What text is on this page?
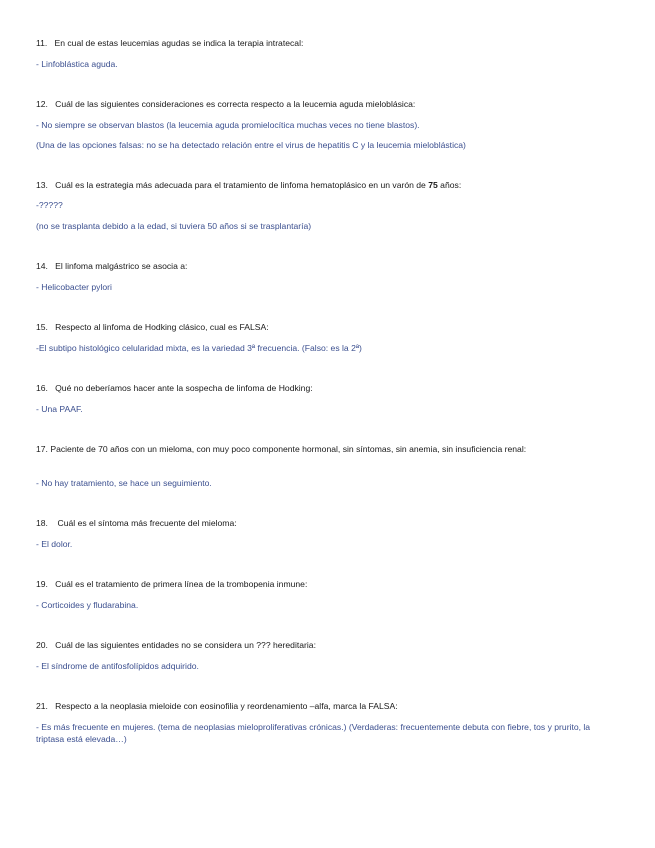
11. En cual de estas leucemias agudas se indica la terapia intratecal:
- Linfoblástica aguda.
12. Cuál de las siguientes consideraciones es correcta respecto a la leucemia aguda mieloblásica:
- No siempre se observan blastos (la leucemia aguda promielocítica muchas veces no tiene blastos).
(Una de las opciones falsas: no se ha detectado relación entre el virus de hepatitis C y la leucemia mieloblástica)
13. Cuál es la estrategia más adecuada para el tratamiento de linfoma hematoplásico en un varón de 75 años:
-?????
(no se trasplanta debido a la edad, si tuviera 50 años si se trasplantaría)
14. El linfoma malgástrico se asocia a:
- Helicobacter pylori
15. Respecto al linfoma de Hodking clásico, cual es FALSA:
-El subtipo histológico celularidad mixta, es la variedad 3ª frecuencia. (Falso: es la 2ª)
16. Qué no deberíamos hacer ante la sospecha de linfoma de Hodking:
- Una PAAF.
17. Paciente de 70 años con un mieloma, con muy poco componente hormonal, sin síntomas, sin anemia, sin insuficiencia renal:
- No hay tratamiento, se hace un seguimiento.
18. Cuál es el síntoma más frecuente del mieloma:
- El dolor.
19. Cuál es el tratamiento de primera línea de la trombopenia inmune:
- Corticoides y fludarabina.
20. Cuál de las siguientes entidades no se considera un ??? hereditaria:
- El síndrome de antifosfolípidos adquirido.
21. Respecto a la neoplasia mieloide con eosinofilia y reordenamiento –alfa, marca la FALSA:
- Es más frecuente en mujeres. (tema de neoplasias mieloproliferativas crónicas.) (Verdaderas: frecuentemente debuta con fiebre, tos y prurito, la triptasa está elevada…)
